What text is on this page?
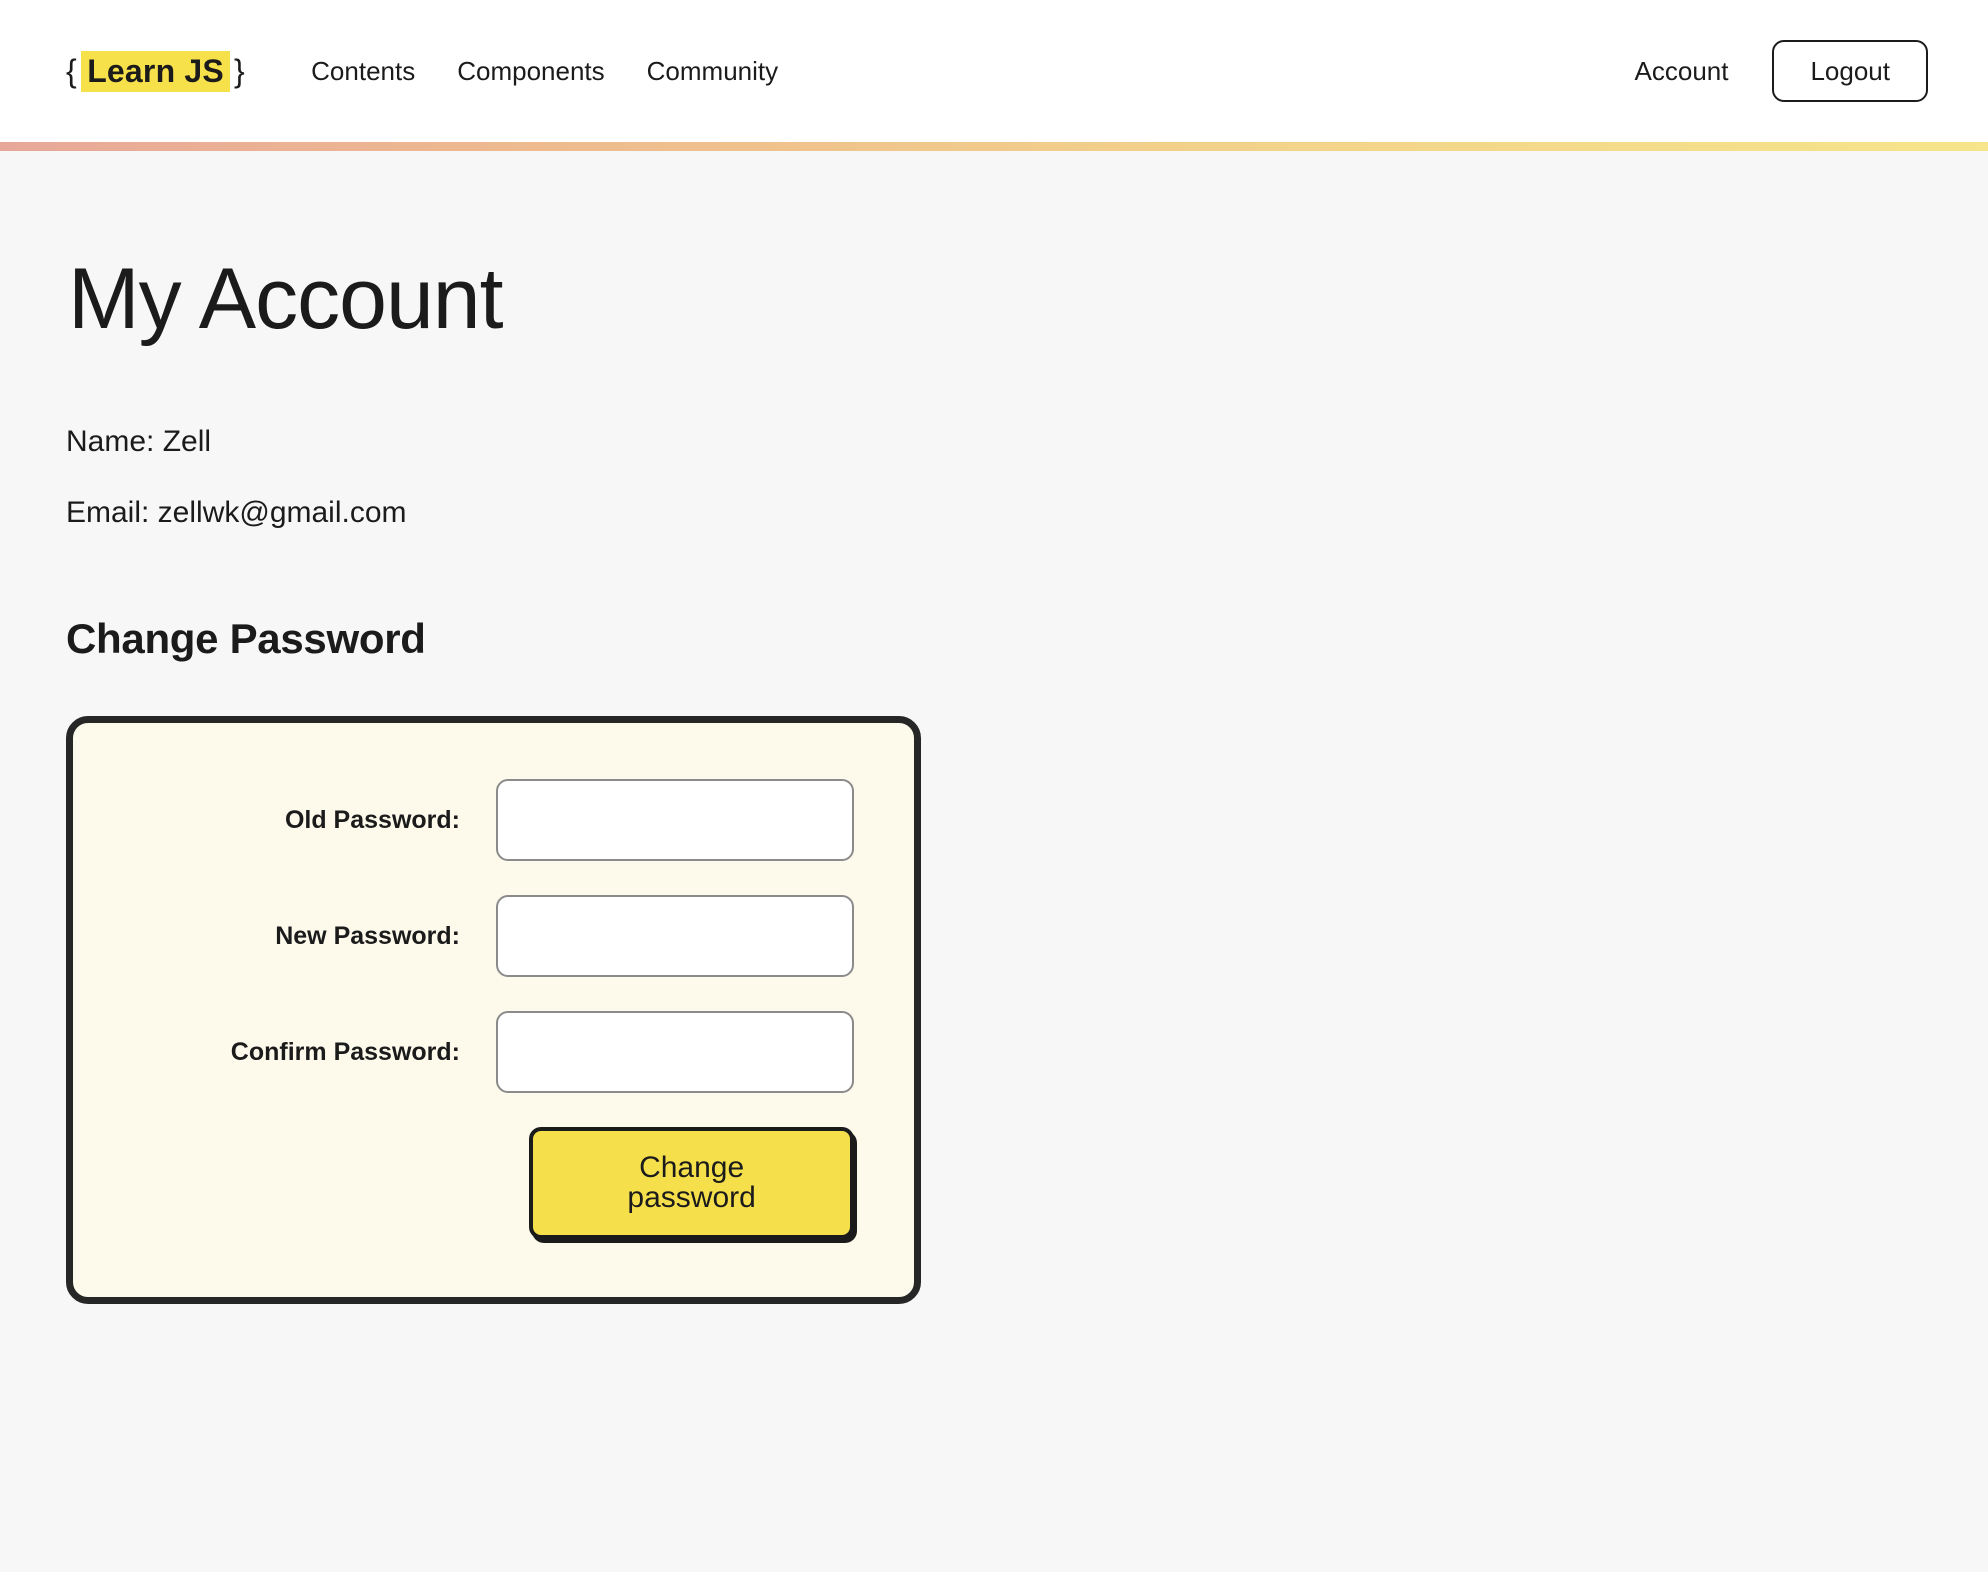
{ Learn JS }	Contents Components Community	Account	Logout
My Account

Name: Zell

Email: zellwk@gmail.com

Change Password
Old Password:
New Password:
Confirm Password:
Change password
